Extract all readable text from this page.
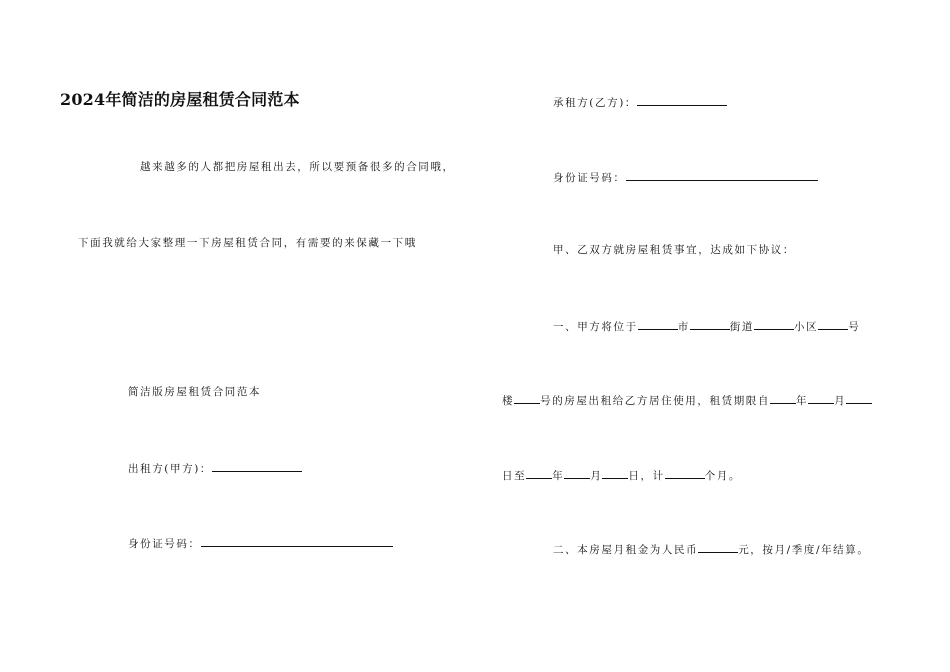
2024年简洁的房屋租赁合同范本
越来越多的人都把房屋租出去，所以要预备很多的合同哦，
下面我就给大家整理一下房屋租赁合同，有需要的来保藏一下哦
简洁版房屋租赁合同范本
出租方(甲方)：
身份证号码：
承租方(乙方)：
身份证号码：
甲、乙双方就房屋租赁事宜，达成如下协议：
一、甲方将位于	市	街道	小区	号
楼 号的房屋出租给乙方居住使用，租赁期限自 年 月
日至 年 月 日，计	个月。
二、本房屋月租金为人民币	元，按月/季度/年结算。
